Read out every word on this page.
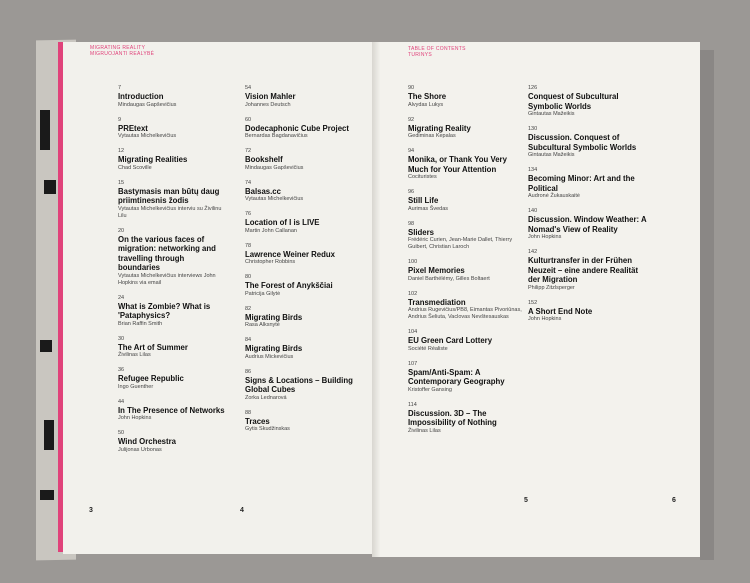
MIGRATING REALITY
MIGRUOJANTI REALYBĖ
7
Introduction
Mindaugas Gapševičius
9
PREtext
Vytautas Michelkevičius
12
Migrating Realities
Chad Scoville
15
Bastymasis man būtų daug priimtinesnis žodis
Vytautas Michelkevičius interviu su Živilinu Lilu
20
On the various faces of migration: networking and travelling through boundaries
Vytautas Michelkevičius interviews John Hopkins via email
24
What is Zombie? What is 'Pataphysics?
Brian Raffin Smith
30
The Art of Summer
Živilinas Lilas
36
Refugee Republic
Ingo Guenther
44
In The Presence of Networks
John Hopkins
50
Wind Orchestra
Julijonas Urbonas
54
Vision Mahler
Johannes Deutsch
60
Dodecaphonic Cube Project
Bernardas Bagdanavičius
72
Bookshelf
Mindaugas Gapševičius
74
Balsas.cc
Vytautas Michelkevičius
76
Location of I is LIVE
Martin John Callanan
78
Lawrence Weiner Redux
Christopher Robbins
80
The Forest of Anykščiai
Patricija Gilytė
82
Migrating Birds
Rasa Alksnytė
84
Migrating Birds
Audrius Mickevičius
86
Signs & Locations – Building Global Cubes
Zorka Lednarová
88
Traces
Gytis Skudžinskas
3	4
TABLE OF CONTENTS
TURINYS
90
The Shore
Alvydas Lukys
92
Migrating Reality
Gediminas Kepalas
94
Monika, or Thank You Very Much for Your Attention
Cocituristes
96
Still Life
Aurimas Švedas
98
Sliders
Frédéric Curien, Jean-Marie Dallet, Thierry Guibert, Christian Laroch
100
Pixel Memories
Daniel Barthélémy, Gilles Boltaert
102
Transmediation
Andrius Rugevičius/PB8, Eimantas Pivoriūnas, Andrius Šeliuta, Vaclovas Nevštesauskas
104
EU Green Card Lottery
Société Réaliste
107
Spam/Anti-Spam: A Contemporary Geography
Kristoffer Gansing
114
Discussion. 3D – The Impossibility of Nothing
Živilinas Lilas
126
Conquest of Subcultural Symbolic Worlds
Gintautas Mažeikis
130
Discussion. Conquest of Subcultural Symbolic Worlds
Gintautas Mažeikis
134
Becoming Minor: Art and the Political
Audronė Žukauskaitė
140
Discussion. Window Weather: A Nomad's View of Reality
John Hopkins
142
Kulturtransfer in der Frühen Neuzeit – eine andere Realität der Migration
Philipp Zitzlsperger
152
A Short End Note
John Hopkins
5	6
